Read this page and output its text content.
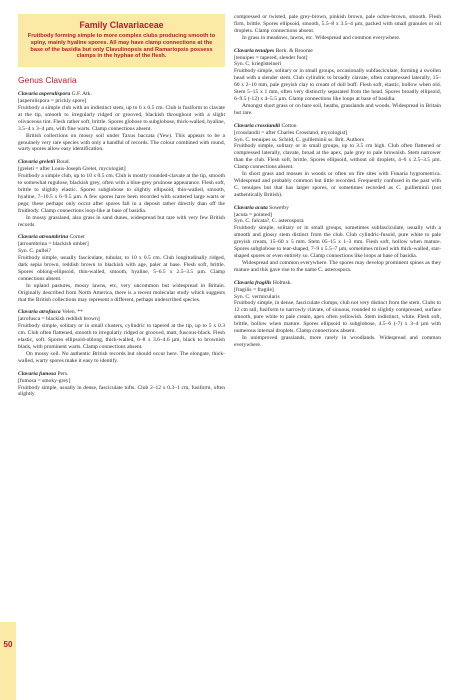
50
Family Clavariaceae
Fruitbody forming simple to more complex clubs producing smooth to spiny, mainly hyaline spores. All may have clamp connections at the base of the basidia but only Clavulinopsis and Ramariopsis possess clamps in the hyphae of the flesh.
Genus Clavaria
Clavaria asperulispora G.F. Atk.
[asperulispora = prickly spore]

Fruitbody a simple club with an indistinct stem, up to 6 x 0.5 cm. Club is fusiform to clavate at the tip, smooth to irregularly ridged or grooved, blackish throughout with a slight olivaceous tint. Flesh rather soft, brittle. Spores globose to subglobose, thick-walled, hyaline, 3.5–4 x 3–4 µm, with fine warts. Clamp connections absent.

British collections on mossy soil under Taxus baccata (Yew). This appears to be a genuinely very rare species with only a handful of records. The colour combined with round, warty spores allow easy identification.

Clavaria greletii Boud.
[greleti = after Louis-Joseph Grelet, mycologist]

Fruitbody a simple club, up to 10 x 0.5 cm. Club is mostly rounded-clavate at the tip, smooth to somewhat rugulose, blackish grey, often with a blue-grey pruinose appearance. Flesh soft, brittle to slightly elastic. Spores subglobose to slightly ellipsoid, thin-walled, smooth, hyaline, 7–10.5 x 6–9.5 µm. A few spores have been recorded with scattered large warts or pegs; these perhaps only occur after spores fall in a deposit rather directly than off the fruitbody. Clamp connections loop-like at base of basidia.

In mossy grassland, also grass in sand dunes, widespread but rare with very few British records.

Clavaria atroumbrina Corner
[atroumbrina = blackish umber]
Syn. C. pullei?

Fruitbody simple, usually fasciculate, tubular, to 10 x 0.5 cm. Club longitudinally ridged, dark sepia brown, reddish brown to blackish with age, paler at base. Flesh soft, brittle. Spores oblong-ellipsoid, thin-walled, smooth, hyaline, 5–6.5 x 2.5–3.5 µm. Clamp connections absent.

In upland pastures, mossy lawns, etc, very uncommon but widespread in Britain. Originally described from North America, there is a recent molecular study which suggests that the British collections may represent a different, perhaps undescribed species.

Clavaria atrofusca Velen. **
[atrofusca = blackish reddish brown]

Fruitbody simple, solitary or in small clusters, cylindric to tapered at the tip, up to 5 x 0.3 cm. Club often flattened, smooth to irregularly ridged or grooved, matt, fuscous-black. Flesh elastic, soft. Spores ellipsoid-oblong, thick-walled, 6–8 x 3.6–4.6 µm, black to brownish black, with prominent warts. Clamp connections absent.

On mossy soil. No authentic British records but should occur here. The elongate, thick-walled, warty spores make it easy to identify.

Clavaria fumosa Pers.
[fumosa = smoky-grey]

Fruitbody simple, usually in dense, fasciculate tufts. Club 2–12 x 0.3–1 cm, fusiform, often slightly

compressed or twisted, pale grey-brown, pinkish brown, pale ochre-brown, smooth. Flesh firm, brittle. Spores ellipsoid, smooth, 5.5–8 x 3.5–4 µm, packed with small granules or oil droplets. Clamp connections absent.

In grass in meadows, lawns, etc. Widespread and common everywhere.

Clavaria tenuipes Berk. & Broome
[tenuipes = tapered, slender foot]
Syn. C. krieglsteineri

Fruitbody simple, solitary or in small groups, occasionally subfasciculate, forming a swollen head with a slender stem. Club cylindric to broadly clavate, often compressed laterally, 15–60 x 2–10 mm, pale greyish clay to cream of dull buff. Flesh soft, elastic, hollow when old. Stem 5–15 x 1 mm, often very distinctly separated from the head. Spores broadly ellipsoid, 6–9.5 (-12) x 4–5.5 µm. Clamp connections like loops at base of basidia.

Amongst short grass or on bare soil, heaths, grasslands and woods. Widespread in Britain but rare.

Clavaria crosslandii Cotton
[crosslandii = after Charles Crossland, mycologist]
Syn. C. tenuipes ss. Schild, C. guilleminii ss. Brit. Authors

Fruitbody simple, solitary or in small groups, up to 3.5 cm high. Club often flattened or compressed laterally, clavate, broad at the apex, pale grey to pale brownish. Stem narrower than the club. Flesh soft, brittle. Spores ellipsoid, without oil droplets, 4–6 x 2.5–3.5 µm. Clamp connections absent.

In short grass and mosses in woods or often on fire sites with Funaria hygrometrica. Widespread and probably common but little recorded. Frequently confused in the past with C. tenuipes but that has larger spores, or sometimes recorded as C. guilleminii (not authentically British).

Clavaria acuta Sowerby
[acuta = pointed]
Syn. C. falcata?, C. asterospora

Fruitbody simple, solitary or in small groups, sometimes subfasciculate, usually with a smooth and glossy stem distinct from the club. Club cylindric-fusoid, pure white to pale greyish cream, 15–60 x 5 mm. Stem 05–15 x 1–3 mm. Flesh soft, hollow when mature. Spores subglobose to tear-shaped, 7–9 x 5.5–7 µm, sometimes mixed with thick-walled, star-shaped spores or even entirely so. Clamp connections like loops at base of basidia.

Widespread and common everywhere. The spores may develop prominent spines as they mature and this gave rise to the name C. asterospora.

Clavaria fragilis Holmsk.
[fragilis = fragile]
Syn. C. vermicularis

Fruitbody simple, in dense, fasciculate clumps, club not very distinct from the stem. Clubs to 12 cm tall, fusiform to narrowly clavate, of sinuous, rounded to slightly compressed, surface smooth, pure white to pale cream, apex often yellowish. Stem indistinct, white. Flesh soft, brittle, hollow when mature. Spores ellipsoid to subglobose, 4.5–6 (-7) x 3–4 µm with numerous internal droplets. Clamp connections absent.

In unimproved grasslands, more rarely in woodlands. Widespread and common everywhere.
